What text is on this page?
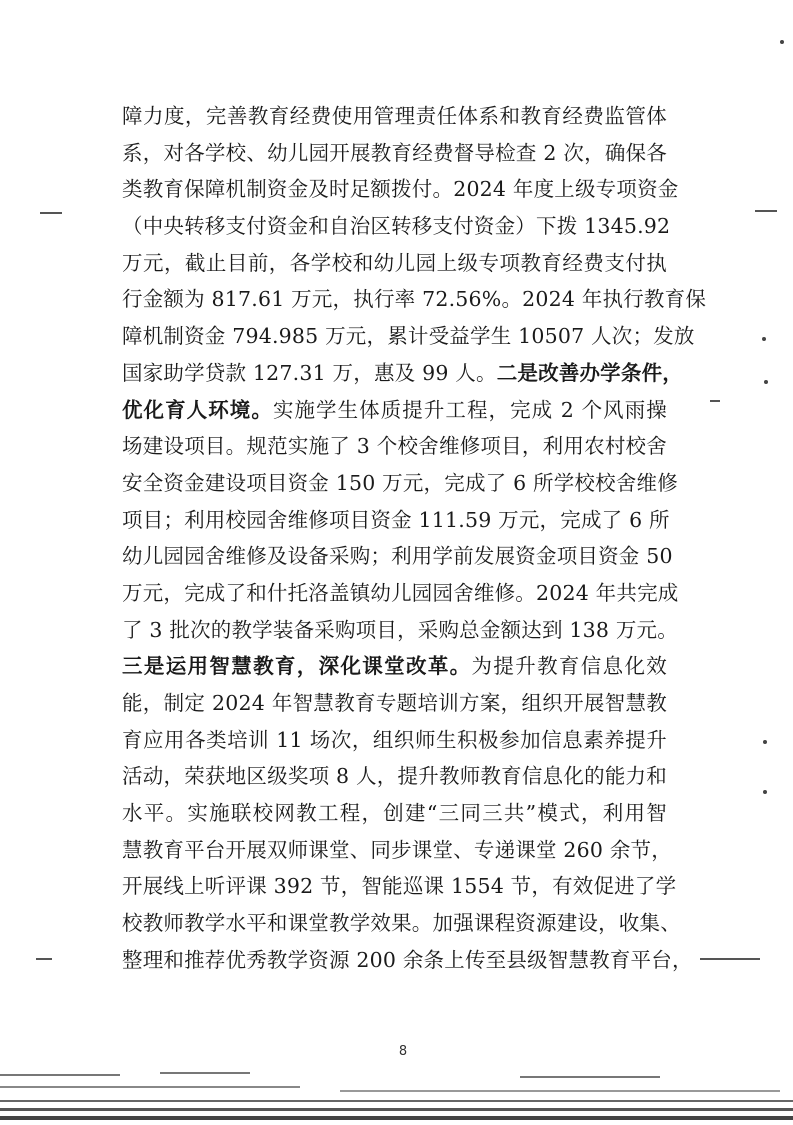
障力度，完善教育经费使用管理责任体系和教育经费监管体
系，对各学校、幼儿园开展教育经费督导检查 2 次，确保各
类教育保障机制资金及时足额拨付。2024 年度上级专项资金
（中央转移支付资金和自治区转移支付资金）下拨 1345.92
万元，截止目前，各学校和幼儿园上级专项教育经费支付执
行金额为 817.61 万元，执行率 72.56%。2024 年执行教育保
障机制资金 794.985 万元，累计受益学生 10507 人次；发放
国家助学贷款 127.31 万，惠及 99 人。二是改善办学条件，
优化育人环境。实施学生体质提升工程，完成 2 个风雨操
场建设项目。规范实施了 3 个校舍维修项目，利用农村校舍
安全资金建设项目资金 150 万元，完成了 6 所学校校舍维修
项目；利用校园舍维修项目资金 111.59 万元，完成了 6 所
幼儿园园舍维修及设备采购；利用学前发展资金项目资金 50
万元，完成了和什托洛盖镇幼儿园园舍维修。2024 年共完成
了 3 批次的教学装备采购项目，采购总金额达到 138 万元。
三是运用智慧教育，深化课堂改革。为提升教育信息化效
能，制定 2024 年智慧教育专题培训方案，组织开展智慧教
育应用各类培训 11 场次，组织师生积极参加信息素养提升
活动，荣获地区级奖项 8 人，提升教师教育信息化的能力和
水平。实施联校网教工程，创建“三同三共”模式，利用智
慧教育平台开展双师课堂、同步课堂、专递课堂 260 余节，
开展线上听评课 392 节，智能巡课 1554 节，有效促进了学
校教师教学水平和课堂教学效果。加强课程资源建设，收集、
整理和推荐优秀教学资源 200 余条上传至县级智慧教育平台，
8
